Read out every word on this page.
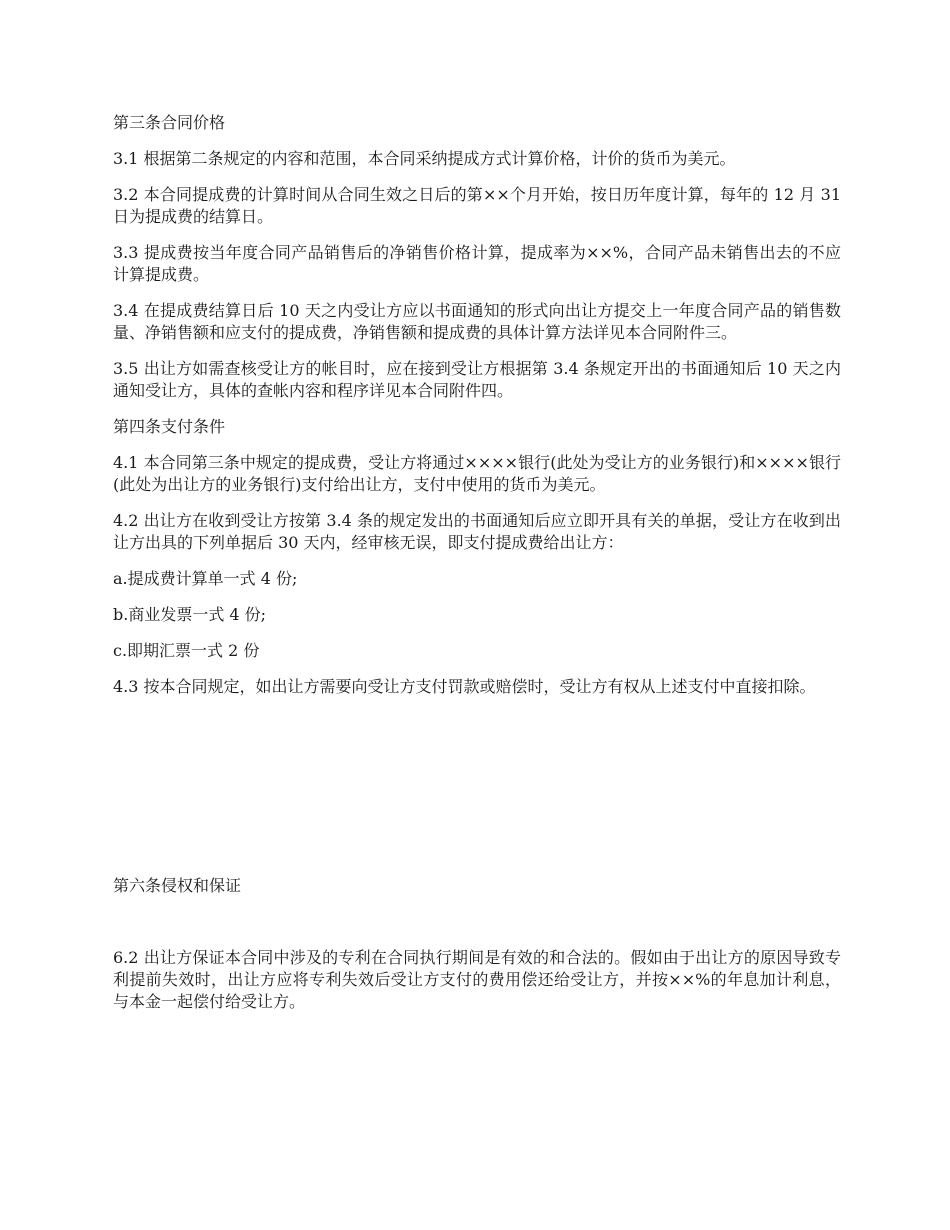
第三条合同价格

3.1 根据第二条规定的内容和范围，本合同采纳提成方式计算价格，计价的货币为美元。

3.2 本合同提成费的计算时间从合同生效之日后的第××个月开始，按日历年度计算，每年的 12 月 31 日为提成费的结算日。

3.3 提成费按当年度合同产品销售后的净销售价格计算，提成率为××%，合同产品未销售出去的不应计算提成费。

3.4 在提成费结算日后 10 天之内受让方应以书面通知的形式向出让方提交上一年度合同产品的销售数量、净销售额和应支付的提成费，净销售额和提成费的具体计算方法详见本合同附件三。

3.5 出让方如需查核受让方的帐目时，应在接到受让方根据第 3.4 条规定开出的书面通知后 10 天之内通知受让方，具体的查帐内容和程序详见本合同附件四。

第四条支付条件

4.1 本合同第三条中规定的提成费，受让方将通过××××银行(此处为受让方的业务银行)和××××银行(此处为出让方的业务银行)支付给出让方，支付中使用的货币为美元。

4.2 出让方在收到受让方按第 3.4 条的规定发出的书面通知后应立即开具有关的单据，受让方在收到出让方出具的下列单据后 30 天内，经审核无误，即支付提成费给出让方：

a.提成费计算单一式 4 份;

b.商业发票一式 4 份;

c.即期汇票一式 2 份

4.3 按本合同规定，如出让方需要向受让方支付罚款或赔偿时，受让方有权从上述支付中直接扣除。

第六条侵权和保证

6.2 出让方保证本合同中涉及的专利在合同执行期间是有效的和合法的。假如由于出让方的原因导致专利提前失效时，出让方应将专利失效后受让方支付的费用偿还给受让方，并按××%的年息加计利息，与本金一起偿付给受让方。
